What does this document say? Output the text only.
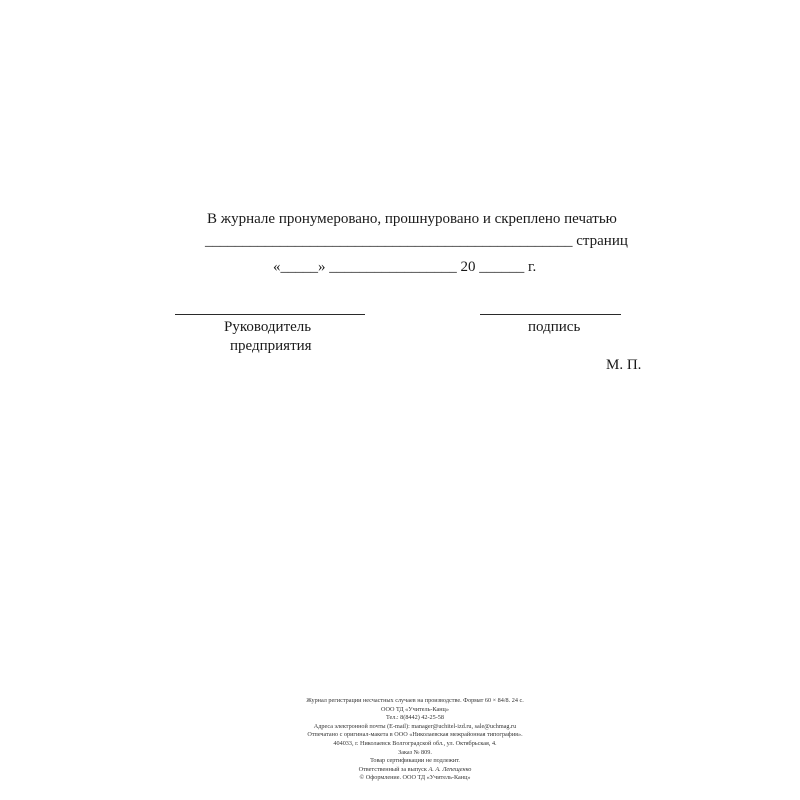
В журнале пронумеровано, прошнуровано и скреплено печатью
_________________________________________________ страниц
«_____» _________________ 20 ______ г.
Руководитель
предприятия
подпись
М. П.
Журнал регистрации несчастных случаев на производстве. Формат 60 × 84/8. 24 с.
ООО ТД «Учитель-Канц»
Тел.: 8(8442) 42-25-58
Адреса электронной почты (E-mail): manager@uchitel-izd.ru, sale@uchmag.ru
Отпечатано с оригинал-макета в ООО «Николаевская межрайонная типография».
404033, г. Николаевск Волгоградской обл., ул. Октябрьская, 4.
Заказ № 809.
Товар сертификации не подлежит.
Ответственный за выпуск А. А. Лепещенко
© Оформление. ООО ТД «Учитель-Канц»
